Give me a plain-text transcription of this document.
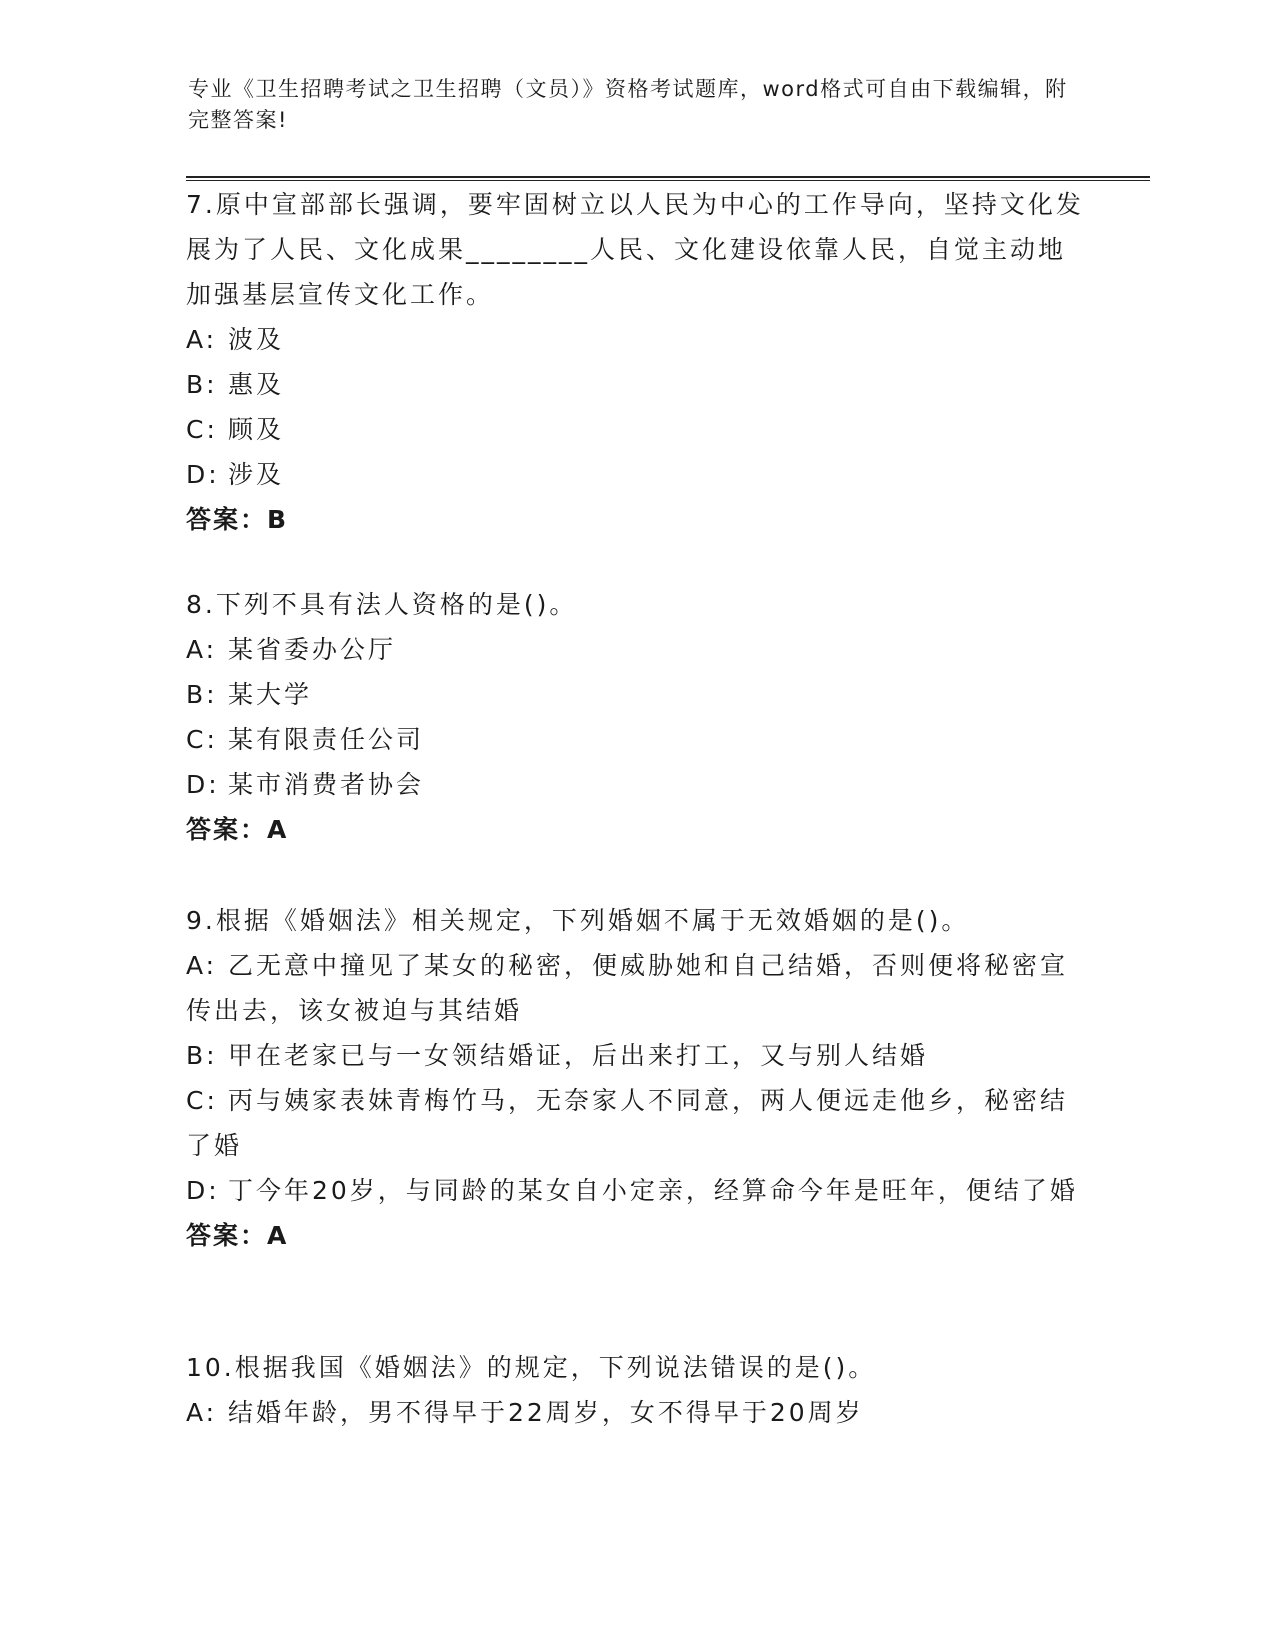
专业《卫生招聘考试之卫生招聘（文员）》资格考试题库，word格式可自由下载编辑，附完整答案!

7.原中宣部部长强调，要牢固树立以人民为中心的工作导向，坚持文化发展为了人民、文化成果________人民、文化建设依靠人民，自觉主动地加强基层宣传文化工作。

A: 波及

B: 惠及

C: 顾及

D: 涉及

答案：B

8.下列不具有法人资格的是()。

A: 某省委办公厅

B: 某大学

C: 某有限责任公司

D: 某市消费者协会

答案：A

9.根据《婚姻法》相关规定，下列婚姻不属于无效婚姻的是()。

A: 乙无意中撞见了某女的秘密，便威胁她和自己结婚，否则便将秘密宣传出去，该女被迫与其结婚

B: 甲在老家已与一女领结婚证，后出来打工，又与别人结婚

C: 丙与姨家表妹青梅竹马，无奈家人不同意，两人便远走他乡，秘密结了婚

D: 丁今年20岁，与同龄的某女自小定亲，经算命今年是旺年，便结了婚

答案：A

10.根据我国《婚姻法》的规定，下列说法错误的是()。

A: 结婚年龄，男不得早于22周岁，女不得早于20周岁
